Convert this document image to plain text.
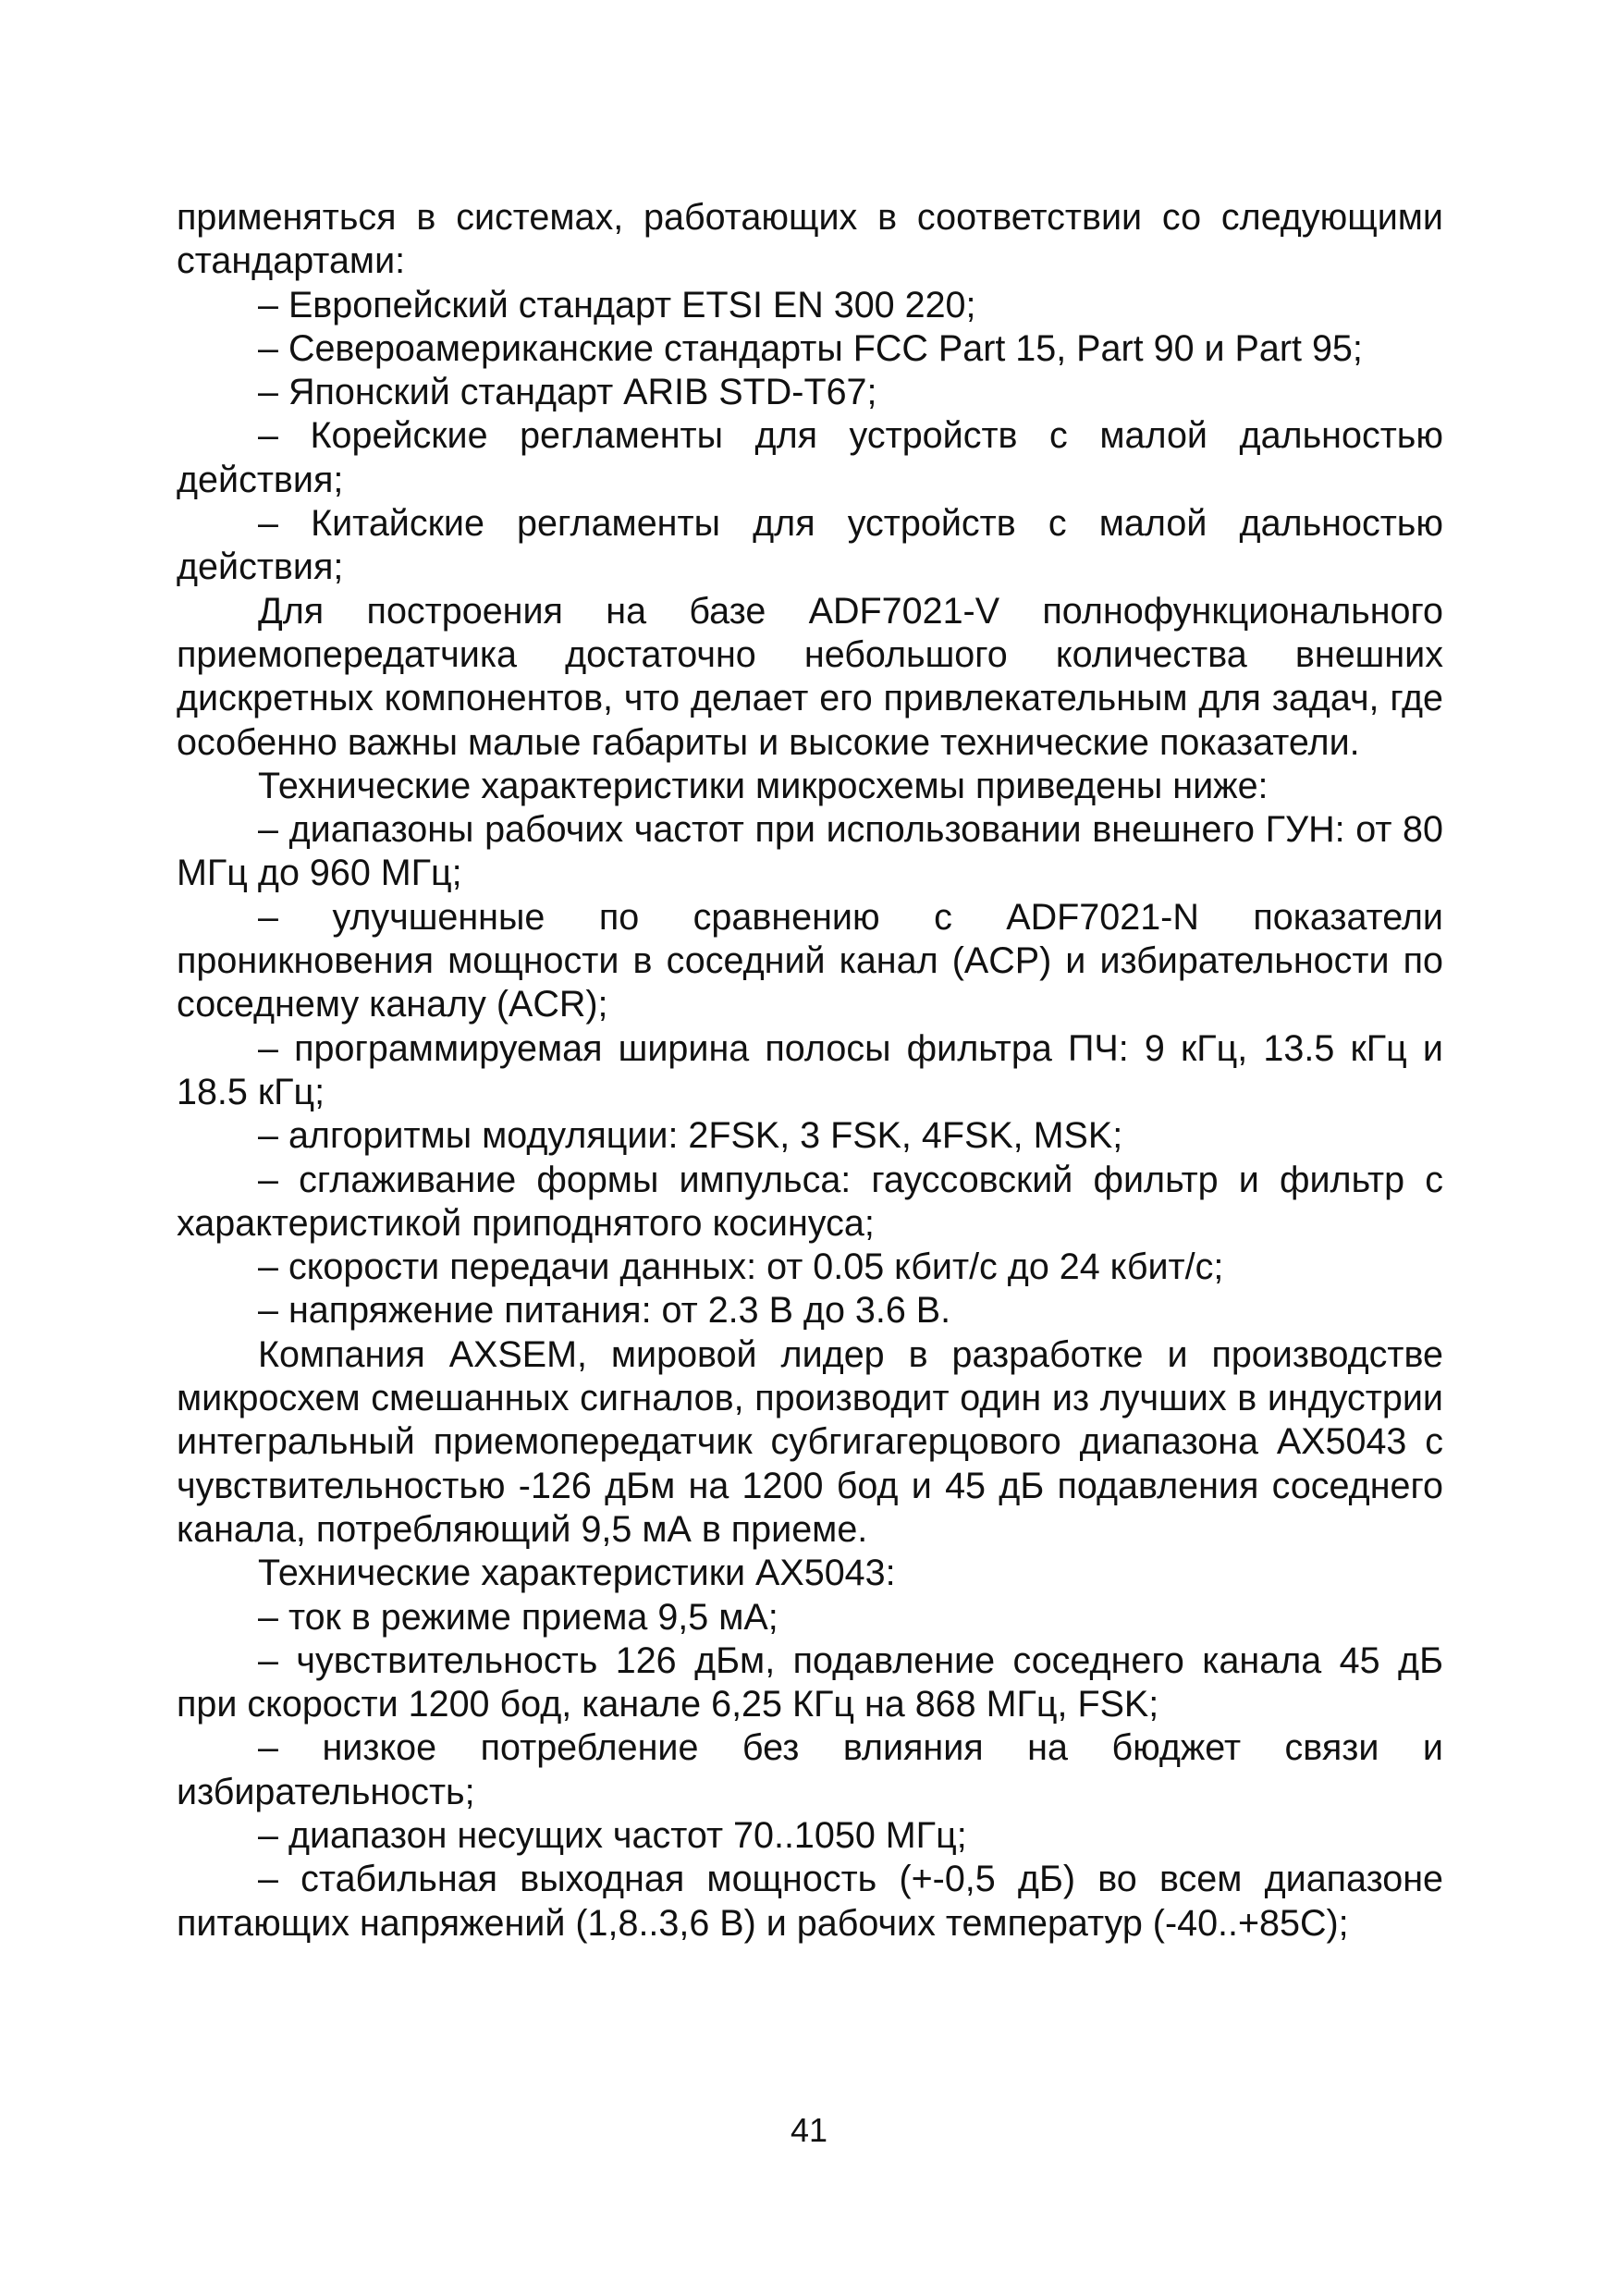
применяться в системах, работающих в соответствии со следующими стандартами:

– Европейский стандарт ETSI EN 300 220;

– Североамериканские стандарты FCC Part 15, Part 90 и Part 95;

– Японский стандарт ARIB STD-T67;

– Корейские регламенты для устройств с малой дальностью действия;

– Китайские регламенты для устройств с малой дальностью действия;

Для построения на базе ADF7021-V полнофункционального приемопередатчика достаточно небольшого количества внешних дискретных компонентов, что делает его привлекательным для задач, где особенно важны малые габариты и высокие технические показатели.

Технические характеристики микросхемы приведены ниже:

– диапазоны рабочих частот при использовании внешнего ГУН: от 80 МГц до 960 МГц;

– улучшенные по сравнению с ADF7021-N показатели проникновения мощности в соседний канал (ACP) и избирательности по соседнему каналу (ACR);

– программируемая ширина полосы фильтра ПЧ: 9 кГц, 13.5 кГц и 18.5 кГц;

– алгоритмы модуляции: 2FSK, 3 FSK, 4FSK, MSK;

– сглаживание формы импульса: гауссовский фильтр и фильтр с характеристикой приподнятого косинуса;

– скорости передачи данных: от 0.05 кбит/с до 24 кбит/с;

– напряжение питания: от 2.3 В до 3.6 В.

Компания AXSEM, мировой лидер в разработке и производстве микросхем смешанных сигналов, производит один из лучших в индустрии интегральный приемопередатчик субгигагерцового диапазона AX5043 с чувствительностью -126 дБм на 1200 бод и 45 дБ подавления соседнего канала, потребляющий 9,5 мА в приеме.

Технические характеристики AX5043:

– ток в режиме приема 9,5 мА;

– чувствительность 126 дБм, подавление соседнего канала 45 дБ при скорости 1200 бод, канале 6,25 КГц на 868 МГц, FSK;

– низкое потребление без влияния на бюджет связи и избирательность;

– диапазон несущих частот 70..1050 МГц;

– стабильная выходная мощность (+-0,5 дБ) во всем диапазоне питающих напряжений (1,8..3,6 В) и рабочих температур (-40..+85С);

41
